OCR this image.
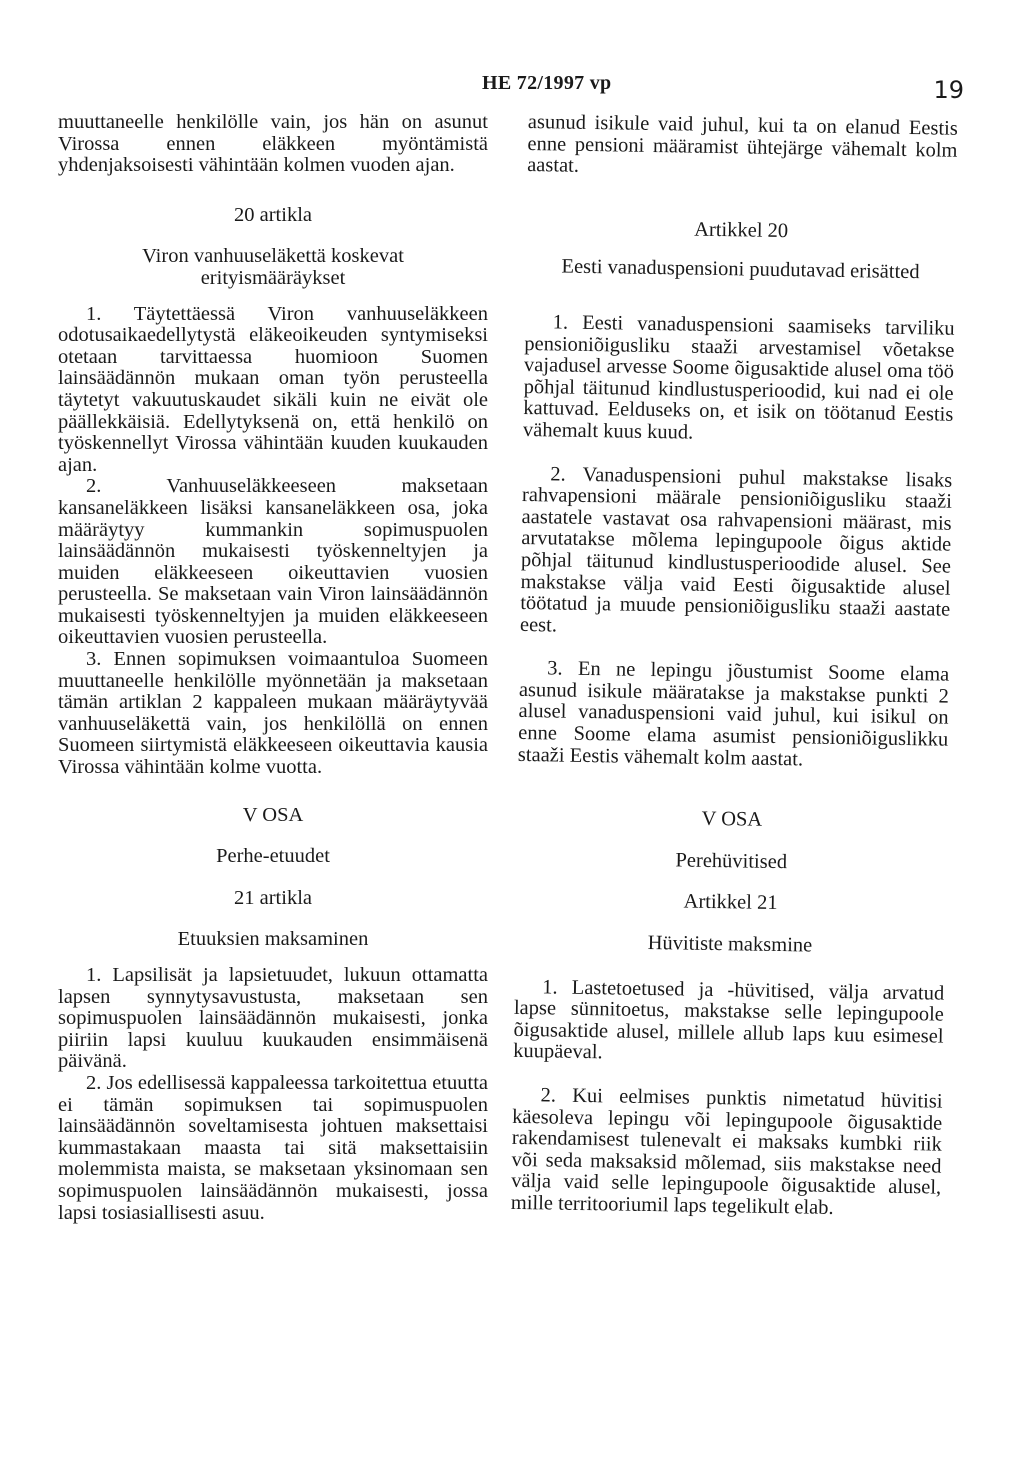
HE 72/1997 vp	19

muuttaneelle henkilölle vain, jos hän on asunut Virossa ennen eläkkeen myöntämistä yhdenjaksoisesti vähintään kolmen vuoden ajan.

20 artikla

Viron vanhuuseläkettä koskevat erityismääräykset

1. Täytettäessä Viron vanhuuseläkkeen odotusaikaedellytystä eläkeoikeuden syntymiseksi otetaan tarvittaessa huomioon Suomen lainsäädännön mukaan oman työn perusteella täytetyt vakuutuskaudet sikäli kuin ne eivät ole päällekkäisiä. Edellytyksenä on, että henkilö on työskennellyt Virossa vähintään kuuden kuukauden ajan.

2. Vanhuuseläkkeeseen maksetaan kansaneläkkeen lisäksi kansaneläkkeen osa, joka määräytyy kummankin sopimuspuolen lainsäädännön mukaisesti työskenneltyjen ja muiden eläkkeeseen oikeuttavien vuosien perusteella. Se maksetaan vain Viron lainsäädännön mukaisesti työskenneltyjen ja muiden eläkkeeseen oikeuttavien vuosien perusteella.

3. Ennen sopimuksen voimaantuloa Suomeen muuttaneelle henkilölle myönnetään ja maksetaan tämän artiklan 2 kappaleen mukaan määräytyvää vanhuuseläkettä vain, jos henkilöllä on ennen Suomeen siirtymistä eläkkeeseen oikeuttavia kausia Virossa vähintään kolme vuotta.

V OSA

Perhe-etuudet

21 artikla

Etuuksien maksaminen

1. Lapsilisät ja lapsietuudet, lukuun ottamatta lapsen synnytysavustusta, maksetaan sen sopimuspuolen lainsäädännön mukaisesti, jonka piiriin lapsi kuuluu kuukauden ensimmäisenä päivänä.

2. Jos edellisessä kappaleessa tarkoitettua etuutta ei tämän sopimuksen tai sopimuspuolen lainsäädännön soveltamisesta johtuen maksettaisi kummastakaan maasta tai sitä maksettaisiin molemmista maista, se maksetaan yksinomaan sen sopimuspuolen lainsäädännön mukaisesti, jossa lapsi tosiasiallisesti asuu.

asunud isikule vaid juhul, kui ta on elanud Eestis enne pensioni määramist ühtejärge vähemalt kolm aastat.

Artikkel 20

Eesti vanaduspensioni puudutavad erisätted

1. Eesti vanaduspensioni saamiseks tarviliku pensioniõigusliku staaži arvestamisel võetakse vajadusel arvesse Soome õigusaktide alusel oma töö põhjal täitunud kindlustusperioodid, kui nad ei ole kattuvad. Eelduseks on, et isik on töötanud Eestis vähemalt kuus kuud.

2. Vanaduspensioni puhul makstakse lisaks rahvapensioni määrale pensioniõigusliku staaži aastatele vastavat osa rahvapensioni määrast, mis arvutatakse mõlema lepingupoole õigus aktide põhjal täitunud kindlustusperioodide alusel. See makstakse välja vaid Eesti õigusaktide alusel töötatud ja muude pensioniõigusliku staaži aastate eest.

3. En ne lepingu jõustumist Soome elama asunud isikule määratakse ja makstakse punkti 2 alusel vanaduspensioni vaid juhul, kui isikul on enne Soome elama asumist pensioniõiguslikku staaži Eestis vähemalt kolm aastat.

V OSA

Perehüvitised

Artikkel 21

Hüvitiste maksmine

1. Lastetoetused ja -hüvitised, välja arvatud lapse sünnitoetus, makstakse selle lepingupoole õigusaktide alusel, millele allub laps kuu esimesel kuupäeval.

2. Kui eelmises punktis nimetatud hüvitisi käesoleva lepingu või lepingupoole õigusaktide rakendamisest tulenevalt ei maksaks kumbki riik või seda maksaksid mõlemad, siis makstakse need välja vaid selle lepingupoole õigusaktide alusel, mille territooriumil laps tegelikult elab.
